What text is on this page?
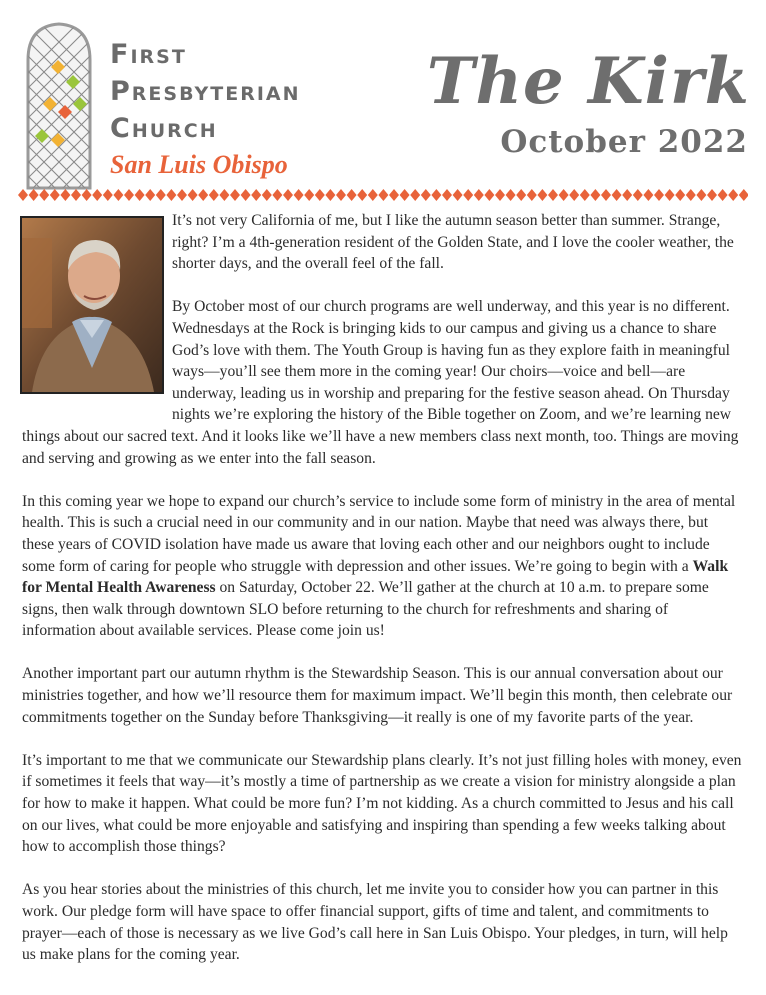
First
Presbyterian
Church
San Luis Obispo
The Kirk
October 2022

It’s not very California of me, but I like the autumn season better than summer. Strange, right? I’m a 4th-generation resident of the Golden State, and I love the cooler weather, the shorter days, and the overall feel of the fall.

By October most of our church programs are well underway, and this year is no different. Wednesdays at the Rock is bringing kids to our campus and giving us a chance to share God’s love with them. The Youth Group is having fun as they explore faith in meaningful ways—you’ll see them more in the coming year! Our choirs—voice and bell—are underway, leading us in worship and preparing for the festive season ahead. On Thursday nights we’re exploring the history of the Bible together on Zoom, and we’re learning new things about our sacred text. And it looks like we’ll have a new members class next month, too. Things are moving and serving and growing as we enter into the fall season.

In this coming year we hope to expand our church’s service to include some form of ministry in the area of mental health. This is such a crucial need in our community and in our nation. Maybe that need was always there, but these years of COVID isolation have made us aware that loving each other and our neighbors ought to include some form of caring for people who struggle with depression and other issues. We’re going to begin with a Walk for Mental Health Awareness on Saturday, October 22. We’ll gather at the church at 10 a.m. to prepare some signs, then walk through downtown SLO before returning to the church for refreshments and sharing of information about available services. Please come join us!

Another important part our autumn rhythm is the Stewardship Season. This is our annual conversation about our ministries together, and how we’ll resource them for maximum impact. We’ll begin this month, then celebrate our commitments together on the Sunday before Thanksgiving—it really is one of my favorite parts of the year.

It’s important to me that we communicate our Stewardship plans clearly. It’s not just filling holes with money, even if sometimes it feels that way—it’s mostly a time of partnership as we create a vision for ministry alongside a plan for how to make it happen. What could be more fun? I’m not kidding. As a church committed to Jesus and his call on our lives, what could be more enjoyable and satisfying and inspiring than spending a few weeks talking about how to accomplish those things?

As you hear stories about the ministries of this church, let me invite you to consider how you can partner in this work. Our pledge form will have space to offer financial support, gifts of time and talent, and commitments to prayer—each of those is necessary as we live God’s call here in San Luis Obispo. Your pledges, in turn, will help us make plans for the coming year.
